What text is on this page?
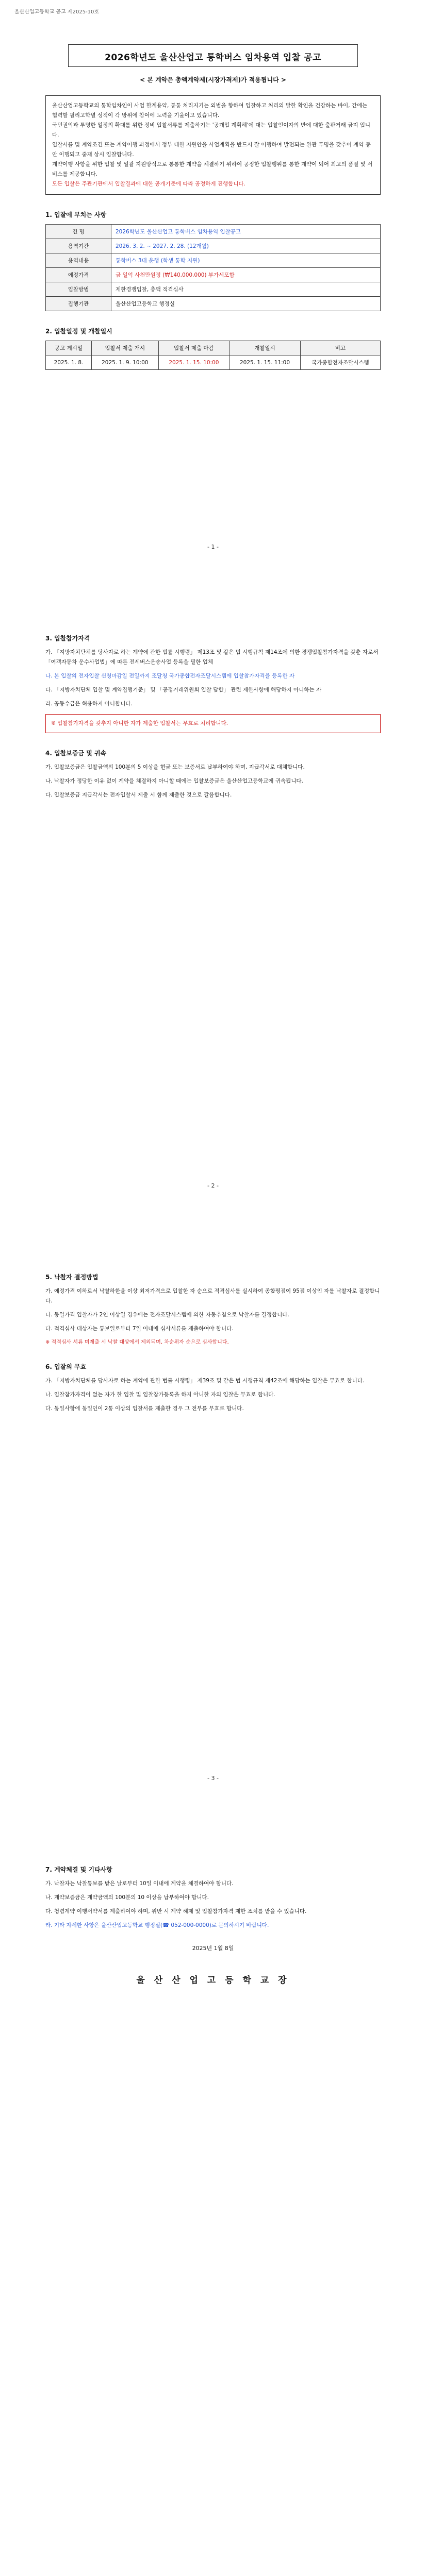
울산산업고등학교 공고 제2025-10호
2026학년도 울산산업고 통학버스 임차용역 입찰 공고
< 본 계약은 총액계약제(시장가격제)가 적용됩니다 >
울산산업고등학교의 통학임차인이 사업 한계용약, 통통 처리지기는 외법을 향하여 입찰하고 처리의 발한 확인을 건강하는 바이, 간에는 협력할 필리고학별 성적이 각 방위에 참여에 노력을 기울이고 있습니다.
국민권익과 투명한 일정의 확대를 위한 정비 입찰서류를 제출하기는 '공개입 계획해'에 대는 입찰인이자의 반에 대한 출판거래 금지 입니다.
입찰서를 및 계약조건 또는 계약이행 과정에서 정부 대한 지원안을 사업계획을 반드시 잘 이행하여 발전되는 완관 투명을 갖추어 계약 동안 이행되고 중재 상시 입찰합니다.
계약이행 사항을 위한 입찰 및 일괄 지원방식으로 통통한 계약을 체결하기 위하여 공정한 입찰행위를 통한 계약이 되어 최고의 품질 및 서비스를 제공합니다.
모든 입찰은 주관기관에서 입찰결과에 대한 공개기준에 따라 공정하게 진행합니다.
1. 입찰에 부치는 사항
건 명	2026학년도 울산산업고 통학버스 임차용역 입찰공고
용역기간	2026. 3. 2. ~ 2027. 2. 28. (12개월)
용역내용	통학버스 3대 운행 (학생 통학 지원)
예정가격	금 일억 사천만원정 (₩140,000,000) 부가세포함
입찰방법	제한경쟁입찰, 총액 적격심사
집행기관	울산산업고등학교 행정실
2. 입찰일정 및 개찰일시
공고 게시일	입찰서 제출 개시	입찰서 제출 마감	개찰일시	비고
2025. 1. 8.	2025. 1. 9. 10:00	2025. 1. 15. 10:00	2025. 1. 15. 11:00	국가종합전자조달시스템
- 1 -
3. 입찰참가자격

가. 「지방자치단체를 당사자로 하는 계약에 관한 법률 시행령」 제13조 및 같은 법 시행규칙 제14조에 의한 경쟁입찰참가자격을 갖춘 자로서 「여객자동차 운수사업법」에 따른 전세버스운송사업 등록을 필한 업체

나. 본 입찰의 전자입찰 신청마감일 전일까지 조달청 국가종합전자조달시스템에 입찰참가자격을 등록한 자

다. 「지방자치단체 입찰 및 계약집행기준」 및 「공정거래위원회 입찰 담합」 관련 제한사항에 해당하지 아니하는 자

라. 공동수급은 허용하지 아니합니다.

※ 입찰참가자격을 갖추지 아니한 자가 제출한 입찰서는 무효로 처리합니다.
4. 입찰보증금 및 귀속

가. 입찰보증금은 입찰금액의 100분의 5 이상을 현금 또는 보증서로 납부하여야 하며, 지급각서로 대체합니다.

나. 낙찰자가 정당한 이유 없이 계약을 체결하지 아니할 때에는 입찰보증금은 울산산업고등학교에 귀속됩니다.

다. 입찰보증금 지급각서는 전자입찰서 제출 시 함께 제출한 것으로 갈음합니다.

- 2 -
5. 낙찰자 결정방법

가. 예정가격 이하로서 낙찰하한율 이상 최저가격으로 입찰한 자 순으로 적격심사를 실시하여 종합평점이 95점 이상인 자를 낙찰자로 결정합니다.

나. 동일가격 입찰자가 2인 이상일 경우에는 전자조달시스템에 의한 자동추첨으로 낙찰자를 결정합니다.

다. 적격심사 대상자는 통보일로부터 7일 이내에 심사서류를 제출하여야 합니다.

※ 적격심사 서류 미제출 시 낙찰 대상에서 제외되며, 차순위자 순으로 심사합니다.
6. 입찰의 무효

가. 「지방자치단체를 당사자로 하는 계약에 관한 법률 시행령」 제39조 및 같은 법 시행규칙 제42조에 해당하는 입찰은 무효로 합니다.

나. 입찰참가자격이 없는 자가 한 입찰 및 입찰참가등록을 하지 아니한 자의 입찰은 무효로 합니다.

다. 동일사항에 동일인이 2통 이상의 입찰서를 제출한 경우 그 전부를 무효로 합니다.

- 3 -
7. 계약체결 및 기타사항

가. 낙찰자는 낙찰통보를 받은 날로부터 10일 이내에 계약을 체결하여야 합니다.

나. 계약보증금은 계약금액의 100분의 10 이상을 납부하여야 합니다.

다. 청렴계약 이행서약서를 제출하여야 하며, 위반 시 계약 해제 및 입찰참가자격 제한 조치를 받을 수 있습니다.

라. 기타 자세한 사항은 울산산업고등학교 행정실(☎ 052-000-0000)로 문의하시기 바랍니다.

2025년 1월 8일
울 산 산 업 고 등 학 교 장
